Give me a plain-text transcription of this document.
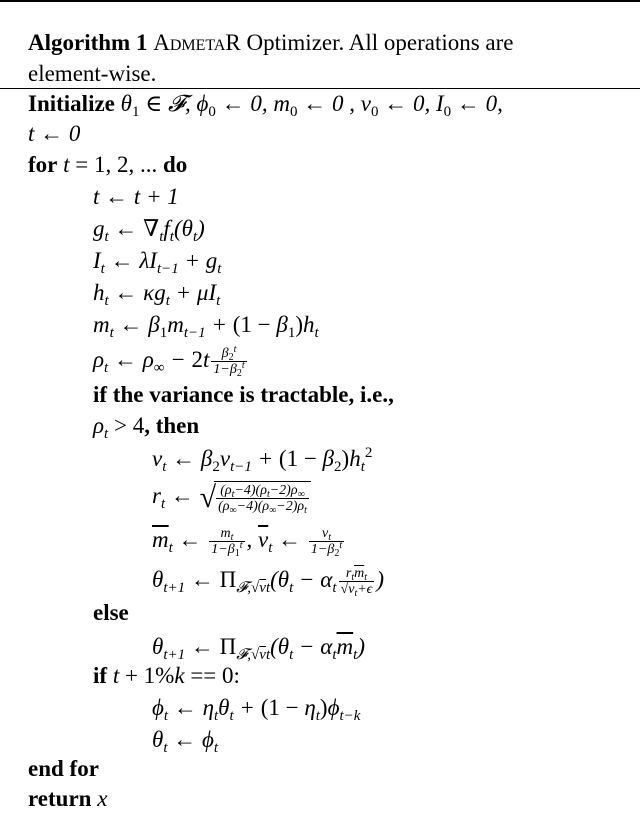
Algorithm 1 AdmetaR Optimizer. All operations are
element-wise.
Initialize $\theta_1$ ∈ 𝓕, $\phi_0$ ← 0, $m_0$ ← 0 , $v_0$ ← 0, $I_0$ ← 0,
t ← 0
for t = 1, 2, ... do
t ← t + 1
$g_t$ ← $\nabla_tf_t(\theta_t)$
$I_t$ ← $\lambda I_{t-1} + g_t$
$h_t$ ← $\kappa g_t + \mu I_t$
$m_t$ ← $\beta_1m_{t-1} + (1 - \beta_1)h_t$
$\rho_t$ ← $\rho_\infty - 2t \frac{\beta_2^t}{1-\beta_2^t}$
if the variance is tractable, i.e.,
$\rho_t > 4$, then
$v_t$ ← $\beta_2v_{t-1} + (1 - \beta_2)h_t^2$
$r_t$ ← √ $\frac{(\rho_t-4)(\rho_t-2)\rho_\infty}{(\rho_\infty-4)(\rho_\infty-2)\rho_t}$
$\overline{m}_t$ ← $\frac{m_t}{1-\beta_1^t}$ , $\overline{v}_t$ ← $\frac{v_t}{1-\beta_2^t}$
$\theta_{t+1}$ ← $\Pi_{𝓕,√vt}(\theta_t - \alpha_t \frac{r_t\overline{m}_t}{√v_t+\epsilon}$ )
else
$\theta_{t+1}$ ← $\Pi_{𝓕,√vt}(\theta_t - \alpha_t\overline{m}_t)$
if t + 1%k == 0:
$\phi_t$ ← $\eta_t\theta_t + (1 - \eta_t)\phi_{t-k}$
$\theta_t$ ← $\phi_t$
end for
return x
